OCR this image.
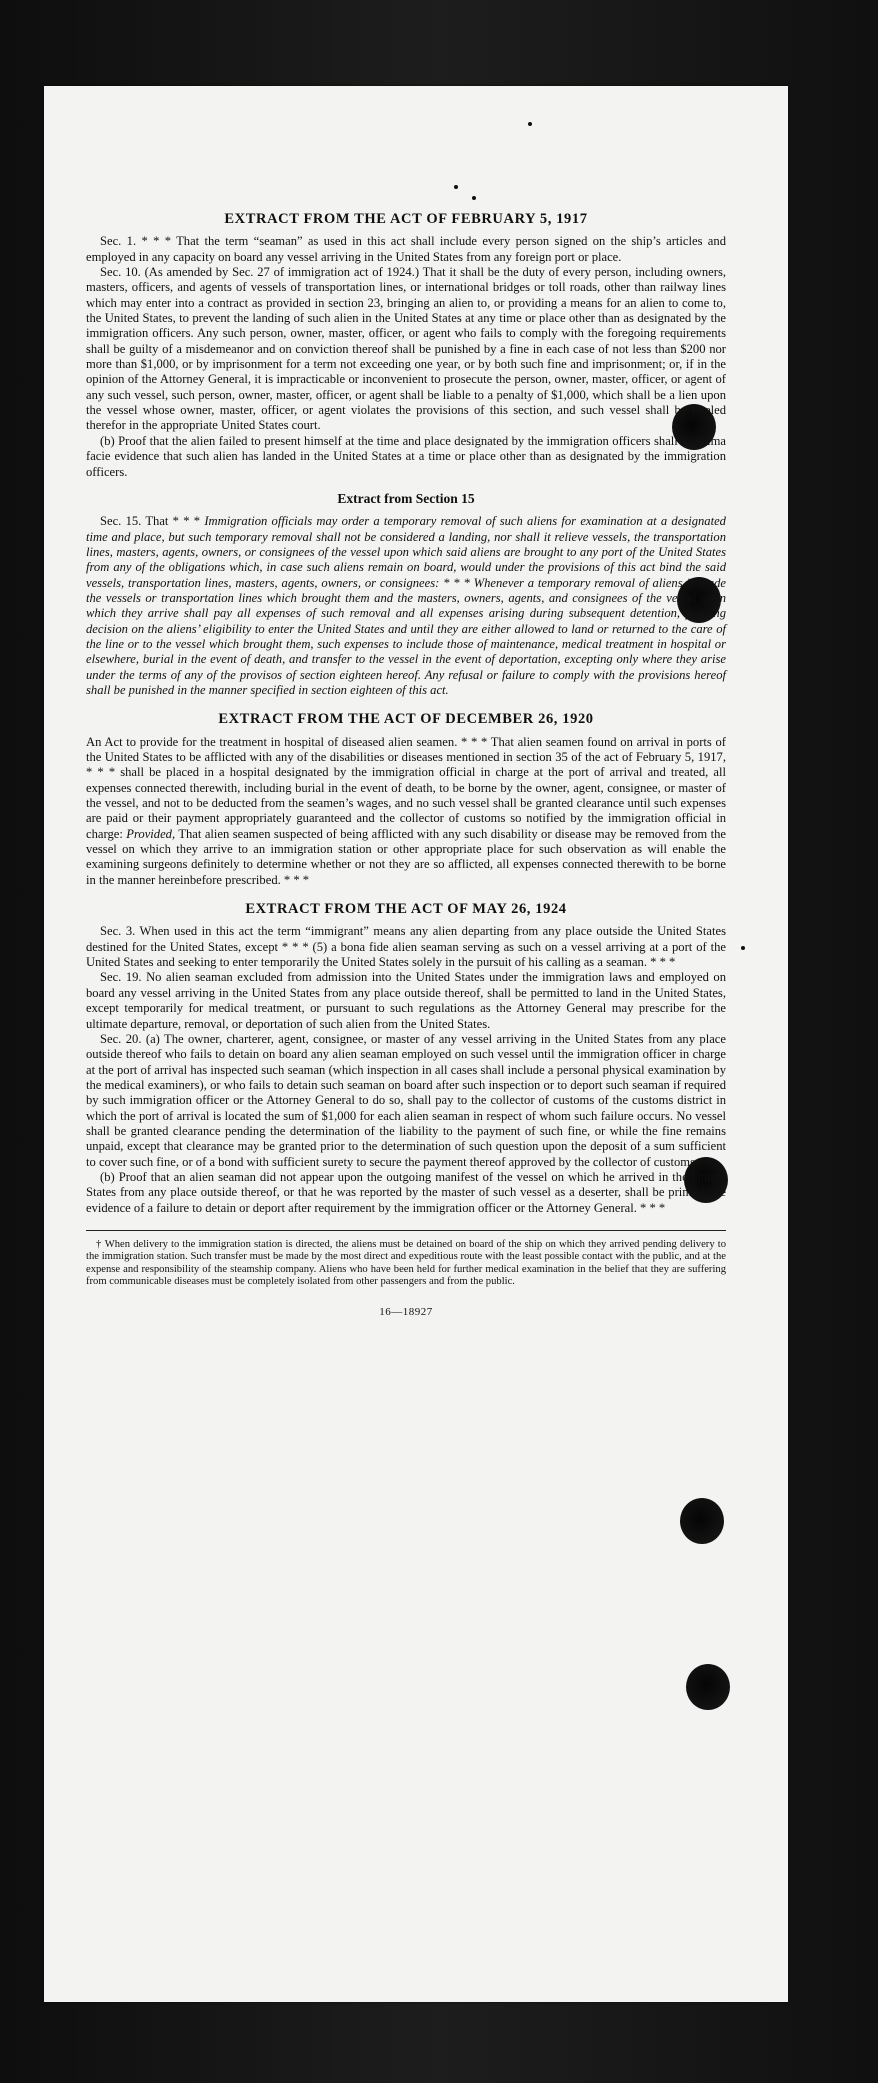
EXTRACT FROM THE ACT OF FEBRUARY 5, 1917

Sec. 1. * * * That the term “seaman” as used in this act shall include every person signed on the ship’s articles and employed in any capacity on board any vessel arriving in the United States from any foreign port or place.

Sec. 10. (As amended by Sec. 27 of immigration act of 1924.) That it shall be the duty of every person, including owners, masters, officers, and agents of vessels of transportation lines, or international bridges or toll roads, other than railway lines which may enter into a contract as provided in section 23, bringing an alien to, or providing a means for an alien to come to, the United States, to prevent the landing of such alien in the United States at any time or place other than as designated by the immigration officers. Any such person, owner, master, officer, or agent who fails to comply with the foregoing requirements shall be guilty of a misdemeanor and on conviction thereof shall be punished by a fine in each case of not less than $200 nor more than $1,000, or by imprisonment for a term not exceeding one year, or by both such fine and imprisonment; or, if in the opinion of the Attorney General, it is impracticable or inconvenient to prosecute the person, owner, master, officer, or agent of any such vessel, such person, owner, master, officer, or agent shall be liable to a penalty of $1,000, which shall be a lien upon the vessel whose owner, master, officer, or agent violates the provisions of this section, and such vessel shall be libeled therefor in the appropriate United States court.

(b) Proof that the alien failed to present himself at the time and place designated by the immigration officers shall be prima facie evidence that such alien has landed in the United States at a time or place other than as designated by the immigration officers.

Extract from Section 15

Sec. 15. That * * * Immigration officials may order a temporary removal of such aliens for examination at a designated time and place, but such temporary removal shall not be considered a landing, nor shall it relieve vessels, the transportation lines, masters, agents, owners, or consignees of the vessel upon which said aliens are brought to any port of the United States from any of the obligations which, in case such aliens remain on board, would under the provisions of this act bind the said vessels, transportation lines, masters, agents, owners, or consignees: * * * Whenever a temporary removal of aliens is made the vessels or transportation lines which brought them and the masters, owners, agents, and consignees of the vessel upon which they arrive shall pay all expenses of such removal and all expenses arising during subsequent detention, pending decision on the aliens’ eligibility to enter the United States and until they are either allowed to land or returned to the care of the line or to the vessel which brought them, such expenses to include those of maintenance, medical treatment in hospital or elsewhere, burial in the event of death, and transfer to the vessel in the event of deportation, excepting only where they arise under the terms of any of the provisos of section eighteen hereof. Any refusal or failure to comply with the provisions hereof shall be punished in the manner specified in section eighteen of this act.

EXTRACT FROM THE ACT OF DECEMBER 26, 1920

An Act to provide for the treatment in hospital of diseased alien seamen. * * * That alien seamen found on arrival in ports of the United States to be afflicted with any of the disabilities or diseases mentioned in section 35 of the act of February 5, 1917, * * * shall be placed in a hospital designated by the immigration official in charge at the port of arrival and treated, all expenses connected therewith, including burial in the event of death, to be borne by the owner, agent, consignee, or master of the vessel, and not to be deducted from the seamen’s wages, and no such vessel shall be granted clearance until such expenses are paid or their payment appropriately guaranteed and the collector of customs so notified by the immigration official in charge: Provided, That alien seamen suspected of being afflicted with any such disability or disease may be removed from the vessel on which they arrive to an immigration station or other appropriate place for such observation as will enable the examining surgeons definitely to determine whether or not they are so afflicted, all expenses connected therewith to be borne in the manner hereinbefore prescribed. * * *

EXTRACT FROM THE ACT OF MAY 26, 1924

Sec. 3. When used in this act the term “immigrant” means any alien departing from any place outside the United States destined for the United States, except * * * (5) a bona fide alien seaman serving as such on a vessel arriving at a port of the United States and seeking to enter temporarily the United States solely in the pursuit of his calling as a seaman. * * *

Sec. 19. No alien seaman excluded from admission into the United States under the immigration laws and employed on board any vessel arriving in the United States from any place outside thereof, shall be permitted to land in the United States, except temporarily for medical treatment, or pursuant to such regulations as the Attorney General may prescribe for the ultimate departure, removal, or deportation of such alien from the United States.

Sec. 20. (a) The owner, charterer, agent, consignee, or master of any vessel arriving in the United States from any place outside thereof who fails to detain on board any alien seaman employed on such vessel until the immigration officer in charge at the port of arrival has inspected such seaman (which inspection in all cases shall include a personal physical examination by the medical examiners), or who fails to detain such seaman on board after such inspection or to deport such seaman if required by such immigration officer or the Attorney General to do so, shall pay to the collector of customs of the customs district in which the port of arrival is located the sum of $1,000 for each alien seaman in respect of whom such failure occurs. No vessel shall be granted clearance pending the determination of the liability to the payment of such fine, or while the fine remains unpaid, except that clearance may be granted prior to the determination of such question upon the deposit of a sum sufficient to cover such fine, or of a bond with sufficient surety to secure the payment thereof approved by the collector of customs.

(b) Proof that an alien seaman did not appear upon the outgoing manifest of the vessel on which he arrived in the United States from any place outside thereof, or that he was reported by the master of such vessel as a deserter, shall be prima facie evidence of a failure to detain or deport after requirement by the immigration officer or the Attorney General. * * *

† When delivery to the immigration station is directed, the aliens must be detained on board of the ship on which they arrived pending delivery to the immigration station. Such transfer must be made by the most direct and expeditious route with the least possible contact with the public, and at the expense and responsibility of the steamship company. Aliens who have been held for further medical examination in the belief that they are suffering from communicable diseases must be completely isolated from other passengers and from the public.

16—18927
